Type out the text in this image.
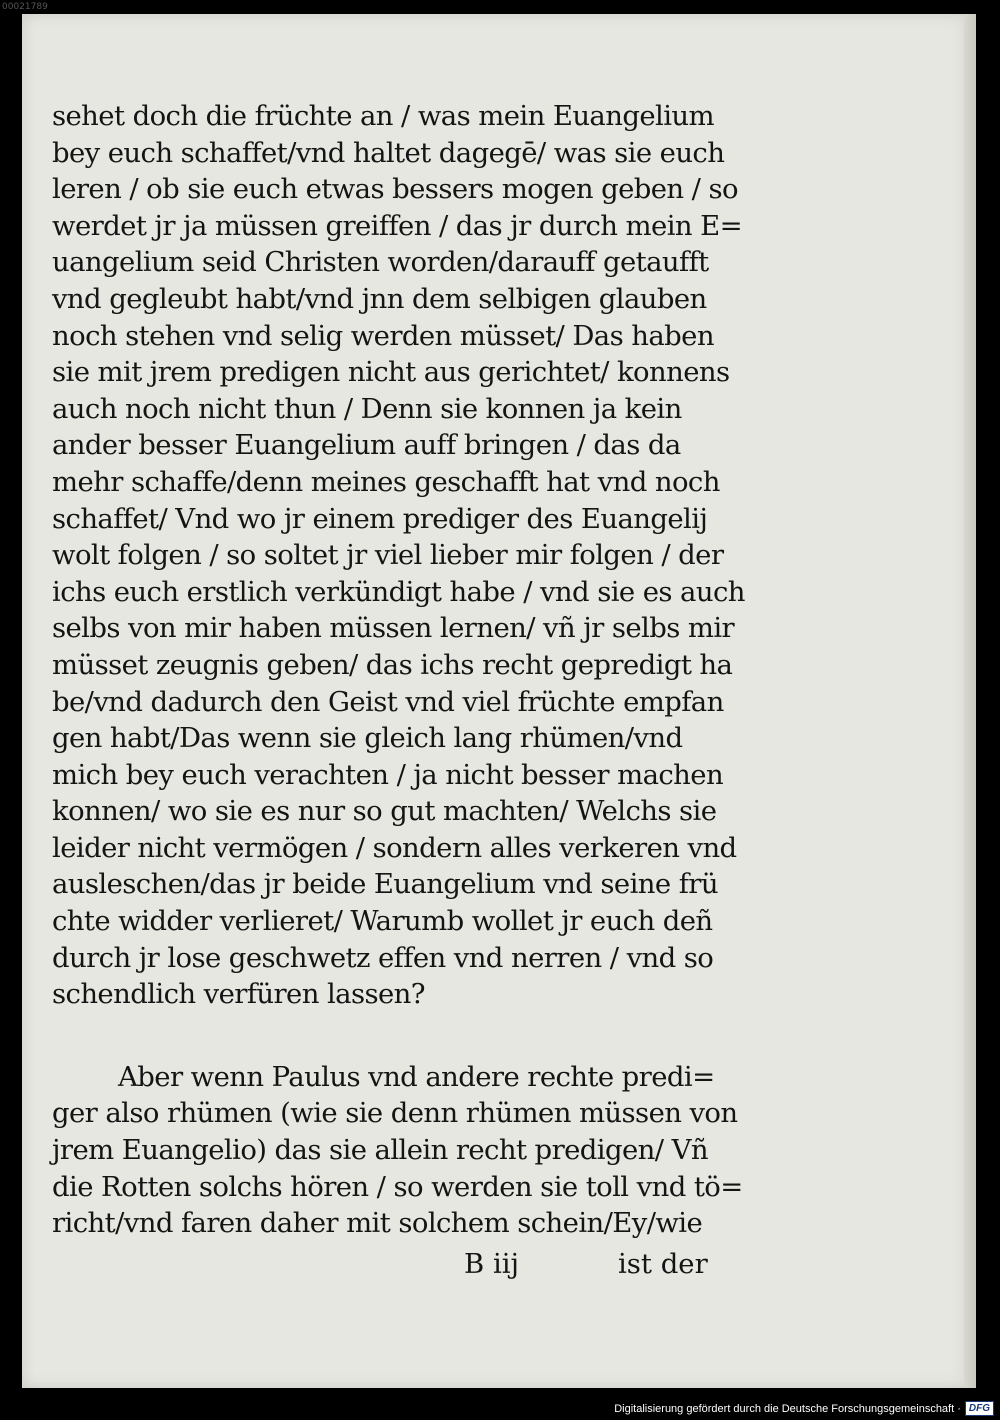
00021789
sehet doch die früchte an / was mein Euangelium
bey euch schaffet/vnd haltet dagegē/ was sie euch
leren / ob sie euch etwas bessers mogen geben / so
werdet jr ja müssen greiffen / das jr durch mein E=
uangelium seid Christen worden/darauff getaufft
vnd gegleubt habt/vnd jnn dem selbigen glauben
noch stehen vnd selig werden müsset/ Das haben
sie mit jrem predigen nicht aus gerichtet/ konnens
auch noch nicht thun / Denn sie konnen ja kein
ander besser Euangelium auff bringen / das da
mehr schaffe/denn meines geschafft hat vnd noch
schaffet/ Vnd wo jr einem prediger des Euangelij
wolt folgen / so soltet jr viel lieber mir folgen / der
ichs euch erstlich verkündigt habe / vnd sie es auch
selbs von mir haben müssen lernen/ vñ jr selbs mir
müsset zeugnis geben/ das ichs recht gepredigt ha
be/vnd dadurch den Geist vnd viel früchte empfan
gen habt/Das wenn sie gleich lang rhümen/vnd
mich bey euch verachten / ja nicht besser machen
konnen/ wo sie es nur so gut machten/ Welchs sie
leider nicht vermögen / sondern alles verkeren vnd
ausleschen/das jr beide Euangelium vnd seine frü
chte widder verlieret/ Warumb wollet jr euch deñ
durch jr lose geschwetz effen vnd nerren / vnd so
schendlich verfüren lassen?
Aber wenn Paulus vnd andere rechte predi=
ger also rhümen (wie sie denn rhümen müssen von
jrem Euangelio) das sie allein recht predigen/ Vñ
die Rotten solchs hören / so werden sie toll vnd tö=
richt/vnd faren daher mit solchem schein/Ey/wie
B iij	ist der
Digitalisierung gefördert durch die Deutsche Forschungsgemeinschaft · DFG
